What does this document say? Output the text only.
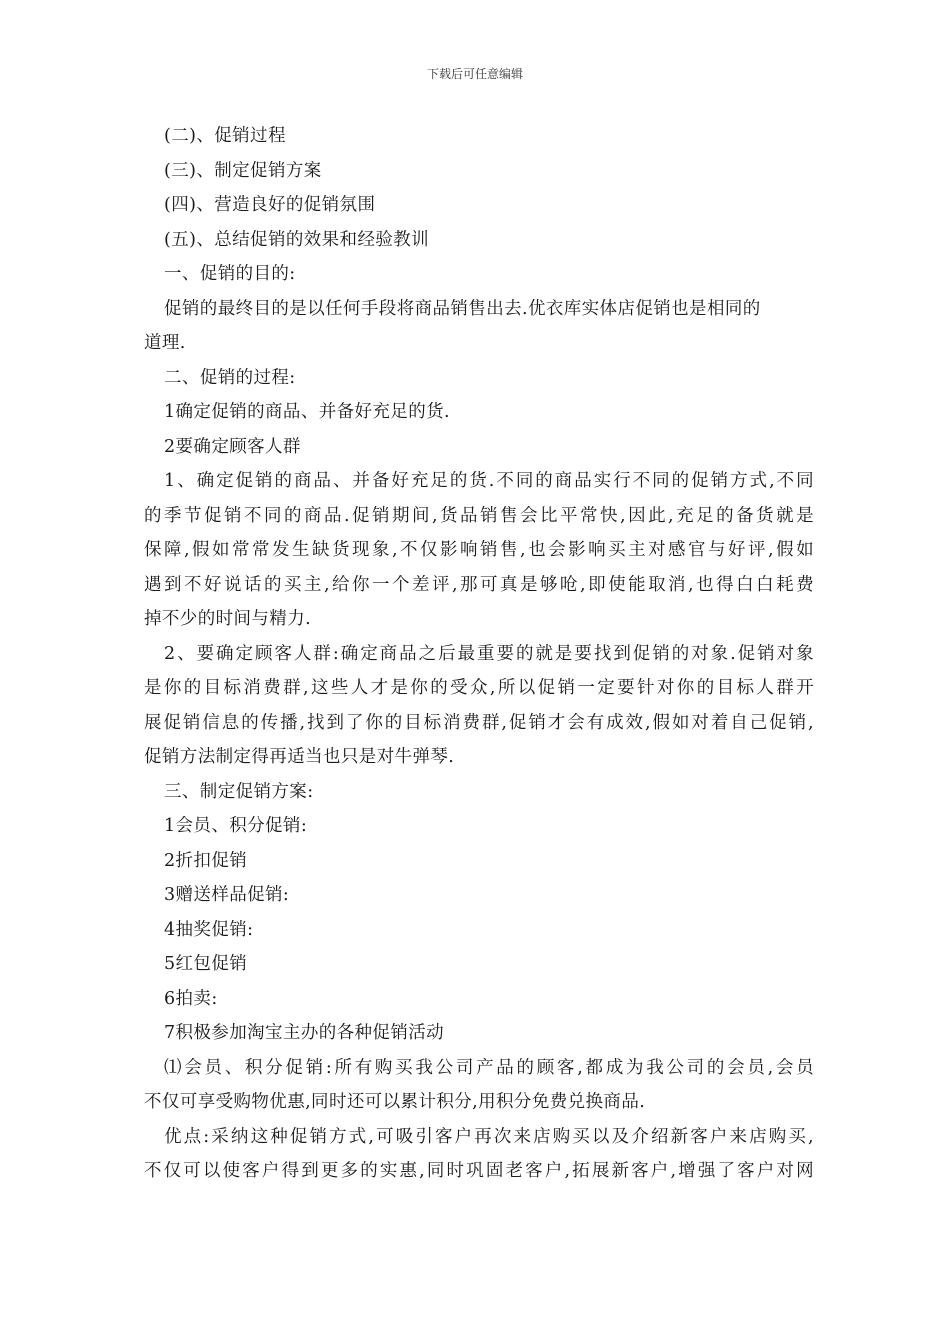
下载后可任意编辑
(二)、促销过程
(三)、制定促销方案
(四)、营造良好的促销氛围
(五)、总结促销的效果和经验教训
一、促销的目的:
促销的最终目的是以任何手段将商品销售出去.优衣库实体店促销也是相同的
道理.
二、促销的过程:
1确定促销的商品、并备好充足的货.
2要确定顾客人群
1、确定促销的商品、并备好充足的货.不同的商品实行不同的促销方式,不同
的季节促销不同的商品.促销期间,货品销售会比平常快,因此,充足的备货就是
保障,假如常常发生缺货现象,不仅影响销售,也会影响买主对感官与好评,假如
遇到不好说话的买主,给你一个差评,那可真是够呛,即使能取消,也得白白耗费
掉不少的时间与精力.
2、要确定顾客人群:确定商品之后最重要的就是要找到促销的对象.促销对象
是你的目标消费群,这些人才是你的受众,所以促销一定要针对你的目标人群开
展促销信息的传播,找到了你的目标消费群,促销才会有成效,假如对着自己促销,
促销方法制定得再适当也只是对牛弹琴.
三、制定促销方案:
1会员、积分促销:
2折扣促销
3赠送样品促销:
4抽奖促销:
5红包促销
6拍卖:
7积极参加淘宝主办的各种促销活动
⑴会员、积分促销:所有购买我公司产品的顾客,都成为我公司的会员,会员
不仅可享受购物优惠,同时还可以累计积分,用积分免费兑换商品.
优点:采纳这种促销方式,可吸引客户再次来店购买以及介绍新客户来店购买,
不仅可以使客户得到更多的实惠,同时巩固老客户,拓展新客户,增强了客户对网
